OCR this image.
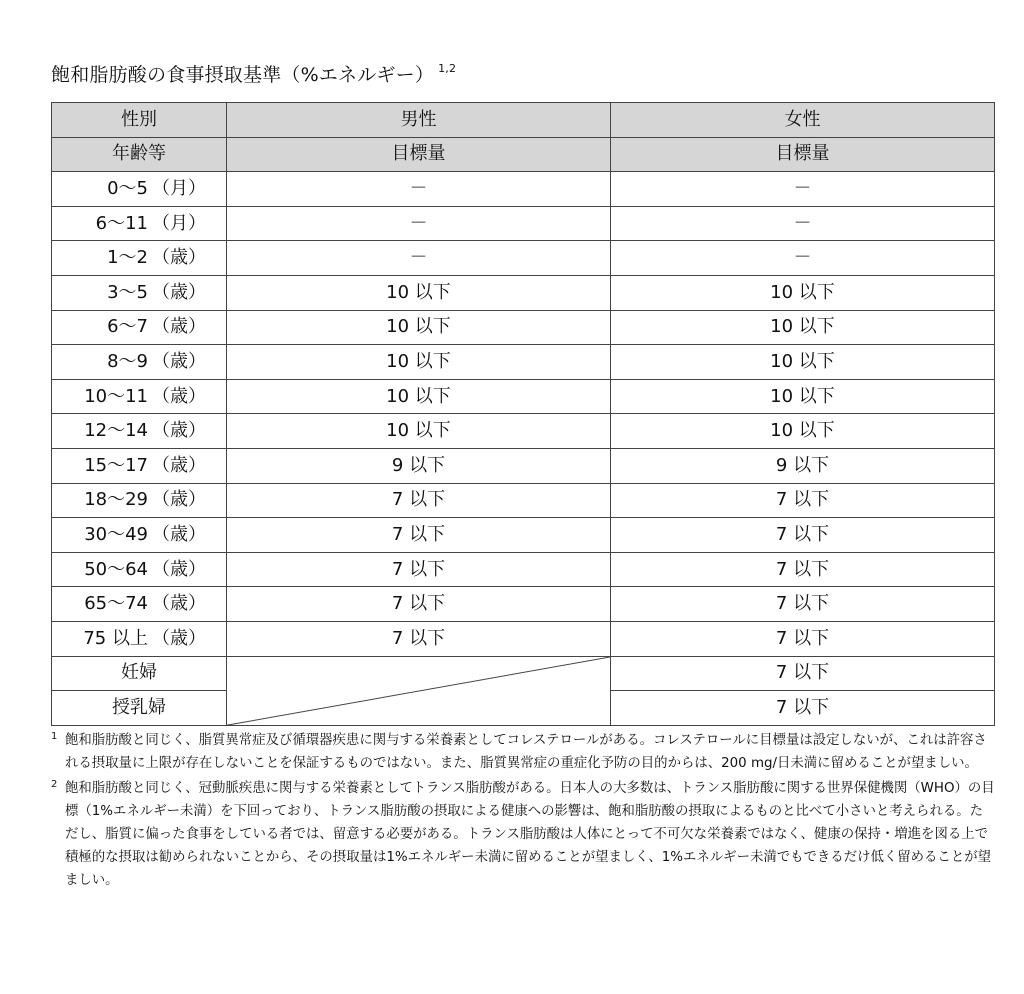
飽和脂肪酸の食事摂取基準（%エネルギー） $^{1,2}$
性別	男性	女性
年齢等	目標量	目標量

0～5 （月）	－	－

6～11 （月）	－	－

1～2 （歳）	－	－

3～5 （歳）	10 以下	10 以下

6～7 （歳）	10 以下	10 以下

8～9 （歳）	10 以下	10 以下

10～11 （歳）	10 以下	10 以下

12～14 （歳）	10 以下	10 以下

15～17 （歳）	9 以下	9 以下

18～29 （歳）	7 以下	7 以下

30～49 （歳）	7 以下	7 以下

50～64 （歳）	7 以下	7 以下

65～74 （歳）	7 以下	7 以下

75 以上 （歳）	7 以下	7 以下
妊婦		7 以下
授乳婦		7 以下
1 飽和脂肪酸と同じく、脂質異常症及び循環器疾患に関与する栄養素としてコレステロールがある。コレステロールに目標量は設定しないが、これは許容される摂取量に上限が存在しないことを保証するものではない。また、脂質異常症の重症化予防の目的からは、200 mg/日未満に留めることが望ましい。
2 飽和脂肪酸と同じく、冠動脈疾患に関与する栄養素としてトランス脂肪酸がある。日本人の大多数は、トランス脂肪酸に関する世界保健機関（WHO）の目標（1%エネルギー未満）を下回っており、トランス脂肪酸の摂取による健康への影響は、飽和脂肪酸の摂取によるものと比べて小さいと考えられる。ただし、脂質に偏った食事をしている者では、留意する必要がある。トランス脂肪酸は人体にとって不可欠な栄養素ではなく、健康の保持・増進を図る上で積極的な摂取は勧められないことから、その摂取量は1%エネルギー未満に留めることが望ましく、1%エネルギー未満でもできるだけ低く留めることが望ましい。
